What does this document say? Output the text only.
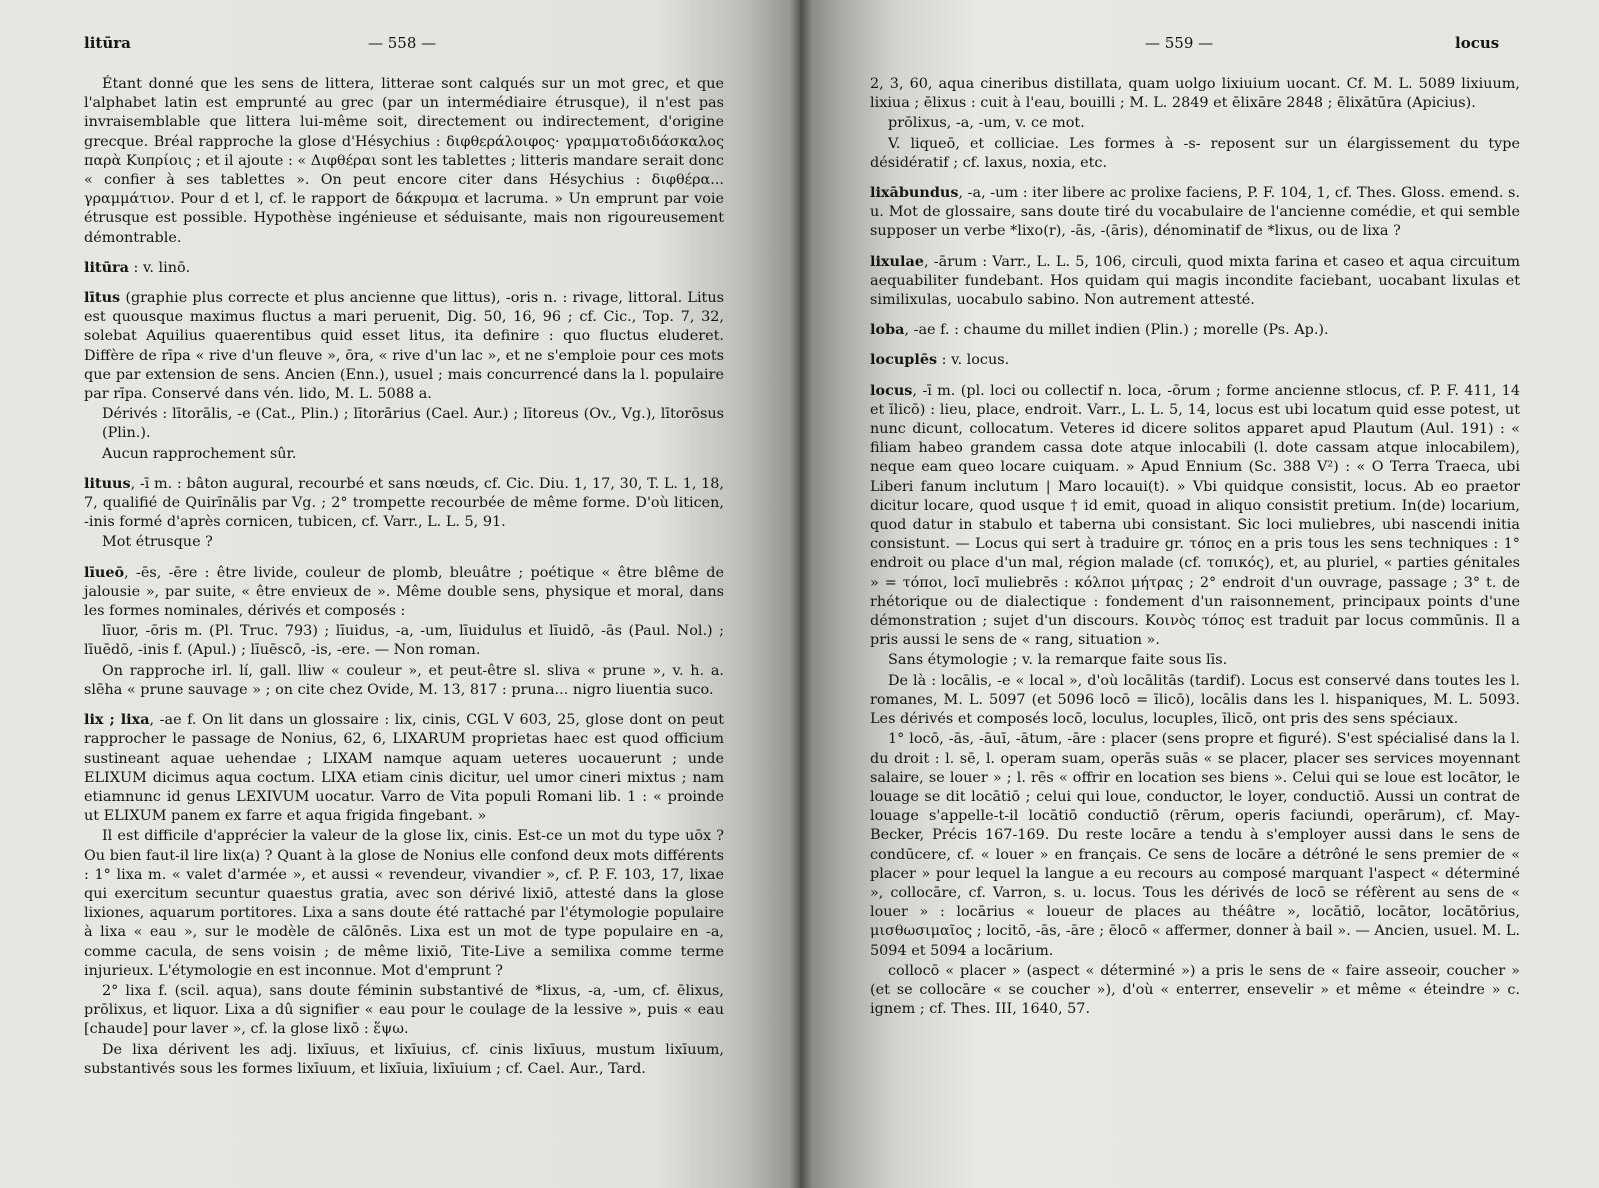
litūra	— 558 —

Étant donné que les sens de littera, litterae sont calqués sur un mot grec, et que l'alphabet latin est emprunté au grec (par un intermédiaire étrusque), il n'est pas invraisemblable que littera lui-même soit, directement ou indirectement, d'origine grecque. Bréal rapproche la glose d'Hésychius : διφθεράλοιφος· γραμματοδιδάσκαλος παρὰ Κυπρίοις ; et il ajoute : « Διφθέραι sont les tablettes ; litteris mandare serait donc « confier à ses tablettes ». On peut encore citer dans Hésychius : διφθέρα... γραμμάτιον. Pour d et l, cf. le rapport de δάκρυμα et lacruma. » Un emprunt par voie étrusque est possible. Hypothèse ingénieuse et séduisante, mais non rigoureusement démontrable.

litūra : v. linō.

lītus (graphie plus correcte et plus ancienne que littus), -oris n. : rivage, littoral. Litus est quousque maximus fluctus a mari peruenit, Dig. 50, 16, 96 ; cf. Cic., Top. 7, 32, solebat Aquilius quaerentibus quid esset litus, ita definire : quo fluctus eluderet. Diffère de rīpa « rive d'un fleuve », ōra, « rive d'un lac », et ne s'emploie pour ces mots que par extension de sens. Ancien (Enn.), usuel ; mais concurrencé dans la l. populaire par rīpa. Conservé dans vén. lido, M. L. 5088 a.

Dérivés : lītorālis, -e (Cat., Plin.) ; lītorārius (Cael. Aur.) ; lītoreus (Ov., Vg.), lītorōsus (Plin.).

Aucun rapprochement sûr.

lituus, -ī m. : bâton augural, recourbé et sans nœuds, cf. Cic. Diu. 1, 17, 30, T. L. 1, 18, 7, qualifié de Quirīnālis par Vg. ; 2° trompette recourbée de même forme. D'où liticen, -inis formé d'après cornicen, tubicen, cf. Varr., L. L. 5, 91.

Mot étrusque ?

līueō, -ēs, -ēre : être livide, couleur de plomb, bleuâtre ; poétique « être blême de jalousie », par suite, « être envieux de ». Même double sens, physique et moral, dans les formes nominales, dérivés et composés :

līuor, -ōris m. (Pl. Truc. 793) ; līuidus, -a, -um, līuidulus et līuidō, -ās (Paul. Nol.) ; līuēdō, -inis f. (Apul.) ; līuēscō, -is, -ere. — Non roman.

On rapproche irl. lí, gall. lliw « couleur », et peut-être sl. sliva « prune », v. h. a. slēha « prune sauvage » ; on cite chez Ovide, M. 13, 817 : pruna... nigro liuentia suco.

lix ; lixa, -ae f. On lit dans un glossaire : lix, cinis, CGL V 603, 25, glose dont on peut rapprocher le passage de Nonius, 62, 6, LIXARUM proprietas haec est quod officium sustineant aquae uehendae ; LIXAM namque aquam ueteres uocauerunt ; unde ELIXUM dicimus aqua coctum. LIXA etiam cinis dicitur, uel umor cineri mixtus ; nam etiamnunc id genus LEXIVUM uocatur. Varro de Vita populi Romani lib. 1 : « proinde ut ELIXUM panem ex farre et aqua frigida fingebant. »

Il est difficile d'apprécier la valeur de la glose lix, cinis. Est-ce un mot du type uōx ? Ou bien faut-il lire lix(a) ? Quant à la glose de Nonius elle confond deux mots différents : 1° lixa m. « valet d'armée », et aussi « revendeur, vivandier », cf. P. F. 103, 17, lixae qui exercitum secuntur quaestus gratia, avec son dérivé lixiō, attesté dans la glose lixiones, aquarum portitores. Lixa a sans doute été rattaché par l'étymologie populaire à lixa « eau », sur le modèle de cālōnēs. Lixa est un mot de type populaire en -a, comme cacula, de sens voisin ; de même lixiō, Tite-Live a semilixa comme terme injurieux. L'étymologie en est inconnue. Mot d'emprunt ?

2° lixa f. (scil. aqua), sans doute féminin substantivé de *lixus, -a, -um, cf. ēlixus, prōlixus, et liquor. Lixa a dû signifier « eau pour le coulage de la lessive », puis « eau [chaude] pour laver », cf. la glose lixō : ἕψω.

De lixa dérivent les adj. lixīuus, et lixīuius, cf. cinis lixīuus, mustum lixīuum, substantivés sous les formes lixīuum, et lixīuia, lixīuium ; cf. Cael. Aur., Tard.

— 559 —	locus

2, 3, 60, aqua cineribus distillata, quam uolgo lixiuium uocant. Cf. M. L. 5089 lixiuum, lixiua ; ēlixus : cuit à l'eau, bouilli ; M. L. 2849 et ēlixāre 2848 ; ēlixātūra (Apicius).

prōlixus, -a, -um, v. ce mot.

V. liqueō, et colliciae. Les formes à -s- reposent sur un élargissement du type désidératif ; cf. laxus, noxia, etc.

lixābundus, -a, -um : iter libere ac prolixe faciens, P. F. 104, 1, cf. Thes. Gloss. emend. s. u. Mot de glossaire, sans doute tiré du vocabulaire de l'ancienne comédie, et qui semble supposer un verbe *lixo(r), -ās, -(āris), dénominatif de *lixus, ou de lixa ?

lixulae, -ārum : Varr., L. L. 5, 106, circuli, quod mixta farina et caseo et aqua circuitum aequabiliter fundebant. Hos quidam qui magis incondite faciebant, uocabant lixulas et similixulas, uocabulo sabino. Non autrement attesté.

loba, -ae f. : chaume du millet indien (Plin.) ; morelle (Ps. Ap.).

locuplēs : v. locus.

locus, -ī m. (pl. loci ou collectif n. loca, -ōrum ; forme ancienne stlocus, cf. P. F. 411, 14 et īlicō) : lieu, place, endroit. Varr., L. L. 5, 14, locus est ubi locatum quid esse potest, ut nunc dicunt, collocatum. Veteres id dicere solitos apparet apud Plautum (Aul. 191) : « filiam habeo grandem cassa dote atque inlocabili (l. dote cassam atque inlocabilem), neque eam queo locare cuiquam. » Apud Ennium (Sc. 388 V²) : « O Terra Traeca, ubi Liberi fanum inclutum | Maro locaui(t). » Vbi quidque consistit, locus. Ab eo praetor dicitur locare, quod usque † id emit, quoad in aliquo consistit pretium. In(de) locarium, quod datur in stabulo et taberna ubi consistant. Sic loci muliebres, ubi nascendi initia consistunt. — Locus qui sert à traduire gr. τόπος en a pris tous les sens techniques : 1° endroit ou place d'un mal, région malade (cf. τοπικός), et, au pluriel, « parties génitales » = τόποι, locī muliebrēs : κόλποι μήτρας ; 2° endroit d'un ouvrage, passage ; 3° t. de rhétorique ou de dialectique : fondement d'un raisonnement, principaux points d'une démonstration ; sujet d'un discours. Κοινὸς τόπος est traduit par locus commūnis. Il a pris aussi le sens de « rang, situation ».

Sans étymologie ; v. la remarque faite sous līs.

De là : locālis, -e « local », d'où locālitās (tardif). Locus est conservé dans toutes les l. romanes, M. L. 5097 (et 5096 locō = īlicō), locālis dans les l. hispaniques, M. L. 5093. Les dérivés et composés locō, loculus, locuples, īlicō, ont pris des sens spéciaux.

1° locō, -ās, -āuī, -ātum, -āre : placer (sens propre et figuré). S'est spécialisé dans la l. du droit : l. sē, l. operam suam, operās suās « se placer, placer ses services moyennant salaire, se louer » ; l. rēs « offrir en location ses biens ». Celui qui se loue est locātor, le louage se dit locātiō ; celui qui loue, conductor, le loyer, conductiō. Aussi un contrat de louage s'appelle-t-il locātiō conductiō (rērum, operis faciundi, operārum), cf. May-Becker, Précis 167-169. Du reste locāre a tendu à s'employer aussi dans le sens de condūcere, cf. « louer » en français. Ce sens de locāre a détrôné le sens premier de « placer » pour lequel la langue a eu recours au composé marquant l'aspect « déterminé », collocāre, cf. Varron, s. u. locus. Tous les dérivés de locō se réfèrent au sens de « louer » : locārius « loueur de places au théâtre », locātiō, locātor, locātōrius, μισθωσιμαῖος ; locitō, -ās, -āre ; ēlocō « affermer, donner à bail ». — Ancien, usuel. M. L. 5094 et 5094 a locārium.

collocō « placer » (aspect « déterminé ») a pris le sens de « faire asseoir, coucher » (et se collocāre « se coucher »), d'où « enterrer, ensevelir » et même « éteindre » c. ignem ; cf. Thes. III, 1640, 57.
